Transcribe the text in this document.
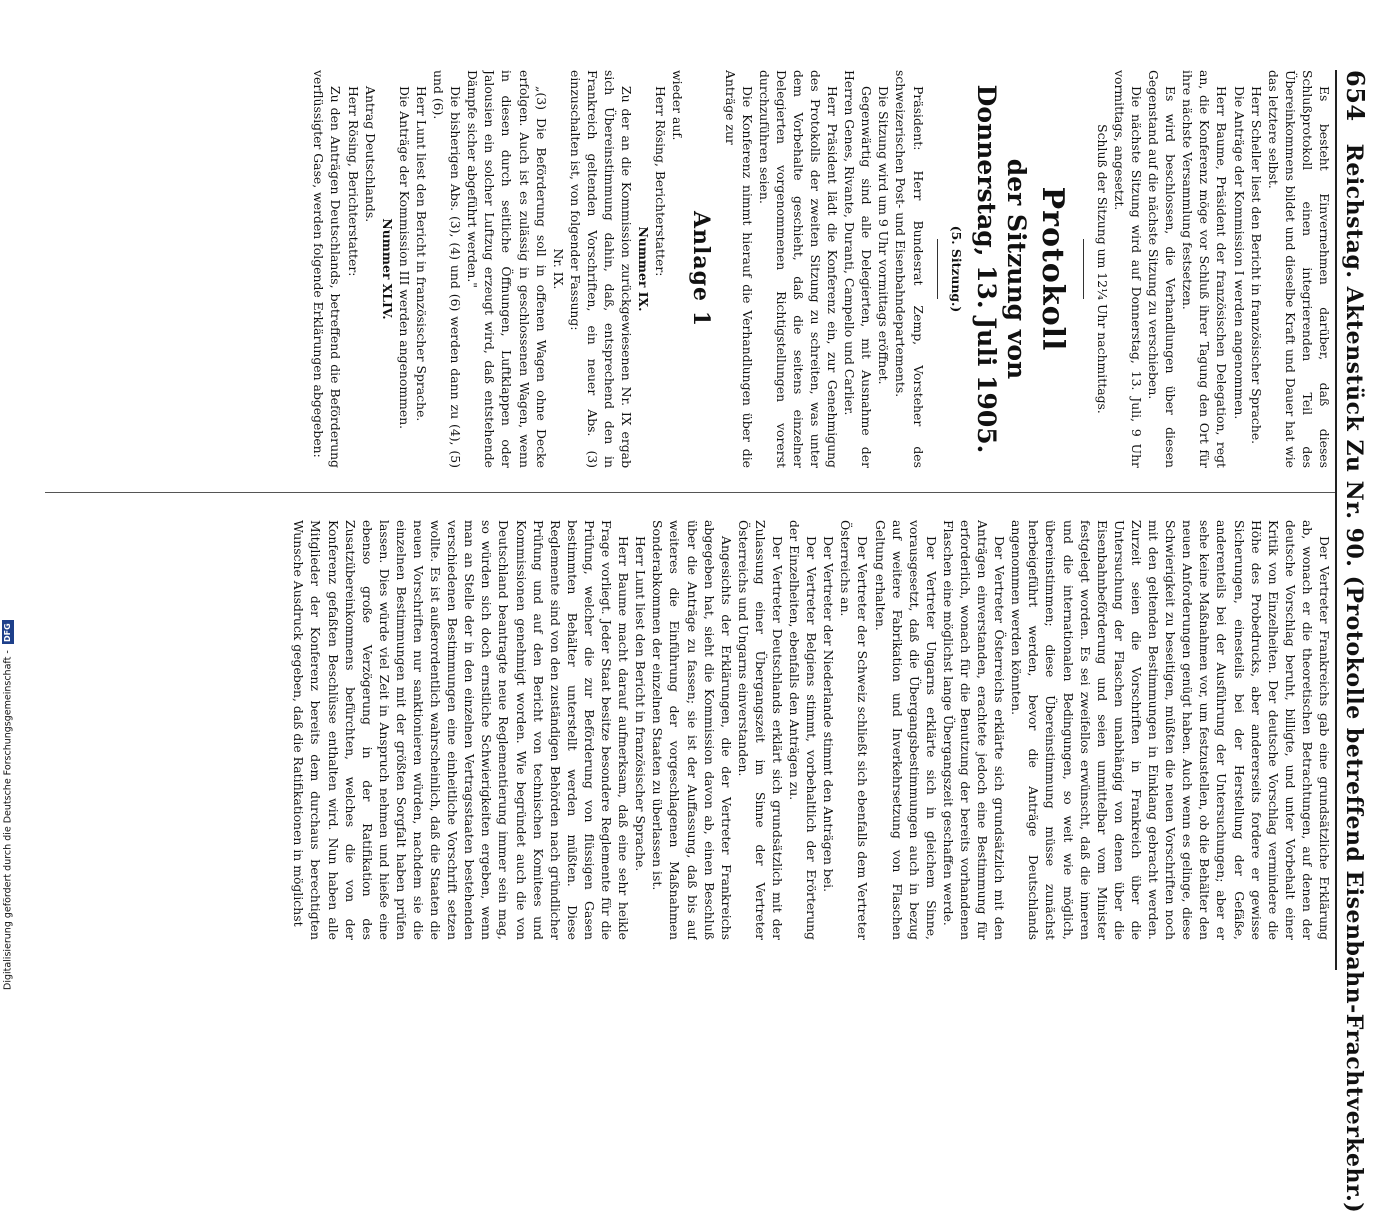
654
Reichstag. Aktenstück Zu Nr. 90. (Protokolle betreffend Eisenbahn-Frachtverkehr.)

Es besteht Einvernehmen darüber, daß dieses Schlußprotokoll einen integrierenden Teil des Übereinkommens bildet und dieselbe Kraft und Dauer hat wie das letztere selbst.

Herr Scheller liest den Bericht in französischer Sprache.

Die Anträge der Kommission I werden angenommen.

Herr Baume, Präsident der französischen Delegation, regt an, die Konferenz möge vor Schluß ihrer Tagung den Ort für ihre nächste Versammlung festsetzen.

Es wird beschlossen, die Verhandlungen über diesen Gegenstand auf die nächste Sitzung zu verschieben.

Die nächste Sitzung wird auf Donnerstag, 13. Juli, 9 Uhr vormittags, angesetzt.

Schluß der Sitzung um 12¼ Uhr nachmittags.

Protokoll
der Sitzung von Donnerstag, 13. Juli 1905.

(5. Sitzung.)

Präsident: Herr Bundesrat Zemp, Vorsteher des schweizerischen Post- und Eisenbahndepartements.

Die Sitzung wird um 9 Uhr vormittags eröffnet.

Gegenwärtig sind alle Delegierten, mit Ausnahme der Herren Genes, Rivante, Duranti, Campello und Carlier.

Herr Präsident lädt die Konferenz ein, zur Genehmigung des Protokolls der zweiten Sitzung zu schreiten, was unter dem Vorbehalte geschieht, daß die seitens einzelner Delegierten vorgenommenen Richtigstellungen vorerst durchzuführen seien.

Die Konferenz nimmt hierauf die Verhandlungen über die Anträge zur

Anlage 1

wieder auf.

Herr Rösing, Berichterstatter:

Nummer IX.

Zu der an die Kommission zurückgewiesenen Nr. IX ergab sich Übereinstimmung dahin, daß, entsprechend den in Frankreich geltenden Vorschriften, ein neuer Abs. (3) einzuschalten ist, von folgender Fassung:

Nr. IX.

„(3) Die Beförderung soll in offenen Wagen ohne Decke erfolgen. Auch ist es zulässig in geschlossenen Wagen, wenn in diesen durch seitliche Öffnungen, Luftklappen oder Jalousien ein solcher Luftzug erzeugt wird, daß entstehende Dämpfe sicher abgeführt werden."

Die bisherigen Abs. (3), (4) und (6) werden dann zu (4), (5) und (6).

Herr Lunt liest den Bericht in französischer Sprache.

Die Anträge der Kommission III werden angenommen.

Nummer XLIV.

Antrag Deutschlands.

Herr Rösing, Berichterstatter:

Zu den Anträgen Deutschlands, betreffend die Beförderung verflüssigter Gase, werden folgende Erklärungen abgegeben:

Der Vertreter Frankreichs gab eine grundsätzliche Erklärung ab, wonach er die theoretischen Betrachtungen, auf denen der deutsche Vorschlag beruht, billigte, und unter Vorbehalt einer Kritik von Einzelheiten. Der deutsche Vorschlag vermindere die Höhe des Probedrucks, aber andererseits fordere er gewisse Sicherungen, einesteils bei der Herstellung der Gefäße, anderenteils bei der Ausführung der Untersuchungen; aber er sehe keine Maßnahmen vor, um festzustellen, ob die Behälter den neuen Anforderungen genügt haben. Auch wenn es gelinge, diese Schwierigkeit zu beseitigen, müßten die neuen Vorschriften noch mit den geltenden Bestimmungen in Einklang gebracht werden. Zurzeit seien die Vorschriften in Frankreich über die Untersuchung der Flaschen unabhängig von denen über die Eisenbahnbeförderung und seien unmittelbar vom Minister festgelegt worden. Es sei zweifellos erwünscht, daß die inneren und die internationalen Bedingungen, so weit wie möglich, übereinstimmen; diese Übereinstimmung müsse zunächst herbeigeführt werden, bevor die Anträge Deutschlands angenommen werden könnten.

Der Vertreter Österreichs erklärte sich grundsätzlich mit den Anträgen einverstanden, erachtete jedoch eine Bestimmung für erforderlich, wonach für die Benutzung der bereits vorhandenen Flaschen eine möglichst lange Übergangszeit geschaffen werde.

Der Vertreter Ungarns erklärte sich in gleichem Sinne, vorausgesetzt, daß die Übergangsbestimmungen auch in bezug auf weitere Fabrikation und Inverkehrsetzung von Flaschen Geltung erhalten.

Der Vertreter der Schweiz schließt sich ebenfalls dem Vertreter Österreichs an.

Der Vertreter der Niederlande stimmt den Anträgen bei.

Der Vertreter Belgiens stimmt, vorbehaltlich der Erörterung der Einzelheiten, ebenfalls den Anträgen zu.

Der Vertreter Deutschlands erklärt sich grundsätzlich mit der Zulassung einer Übergangszeit im Sinne der Vertreter Österreichs und Ungarns einverstanden.

Angesichts der Erklärungen, die der Vertreter Frankreichs abgegeben hat, sieht die Kommission davon ab, einen Beschluß über die Anträge zu fassen; sie ist der Auffassung, daß bis auf weiteres die Einführung der vorgeschlagenen Maßnahmen Sonderabkommen der einzelnen Staaten zu überlassen ist.

Herr Lunt liest den Bericht in französischer Sprache.

Herr Baume macht darauf aufmerksam, daß eine sehr heikle Frage vorliegt. Jeder Staat besitze besondere Reglemente für die Prüfung, welcher die zur Beförderung von flüssigen Gasen bestimmten Behälter unterstellt werden müßten. Diese Reglemente sind von den zuständigen Behörden nach gründlicher Prüfung und auf den Bericht von technischen Komitees und Kommissionen genehmigt worden. Wie begründet auch die von Deutschland beantragte neue Reglementierung immer sein mag, so würden sich doch ernstliche Schwierigkeiten ergeben, wenn man an Stelle der in den einzelnen Vertragsstaaten bestehenden verschiedenen Bestimmungen eine einheitliche Vorschrift setzen wollte. Es ist außerordentlich wahrscheinlich, daß die Staaten die neuen Vorschriften nur sanktionieren würden, nachdem sie die einzelnen Bestimmungen mit der größten Sorgfalt haben prüfen lassen. Dies würde viel Zeit in Anspruch nehmen und hieße eine ebenso große Verzögerung in der Ratifikation des Zusatzübereinkommens befürchten, welches die von der Konferenz gefaßten Beschlüsse enthalten wird. Nun haben alle Mitglieder der Konferenz bereits dem durchaus berechtigten Wunsche Ausdruck gegeben, daß die Ratifikationen in möglichst

Digitalisierung gefördert durch die Deutsche Forschungsgemeinschaft -
DFG
